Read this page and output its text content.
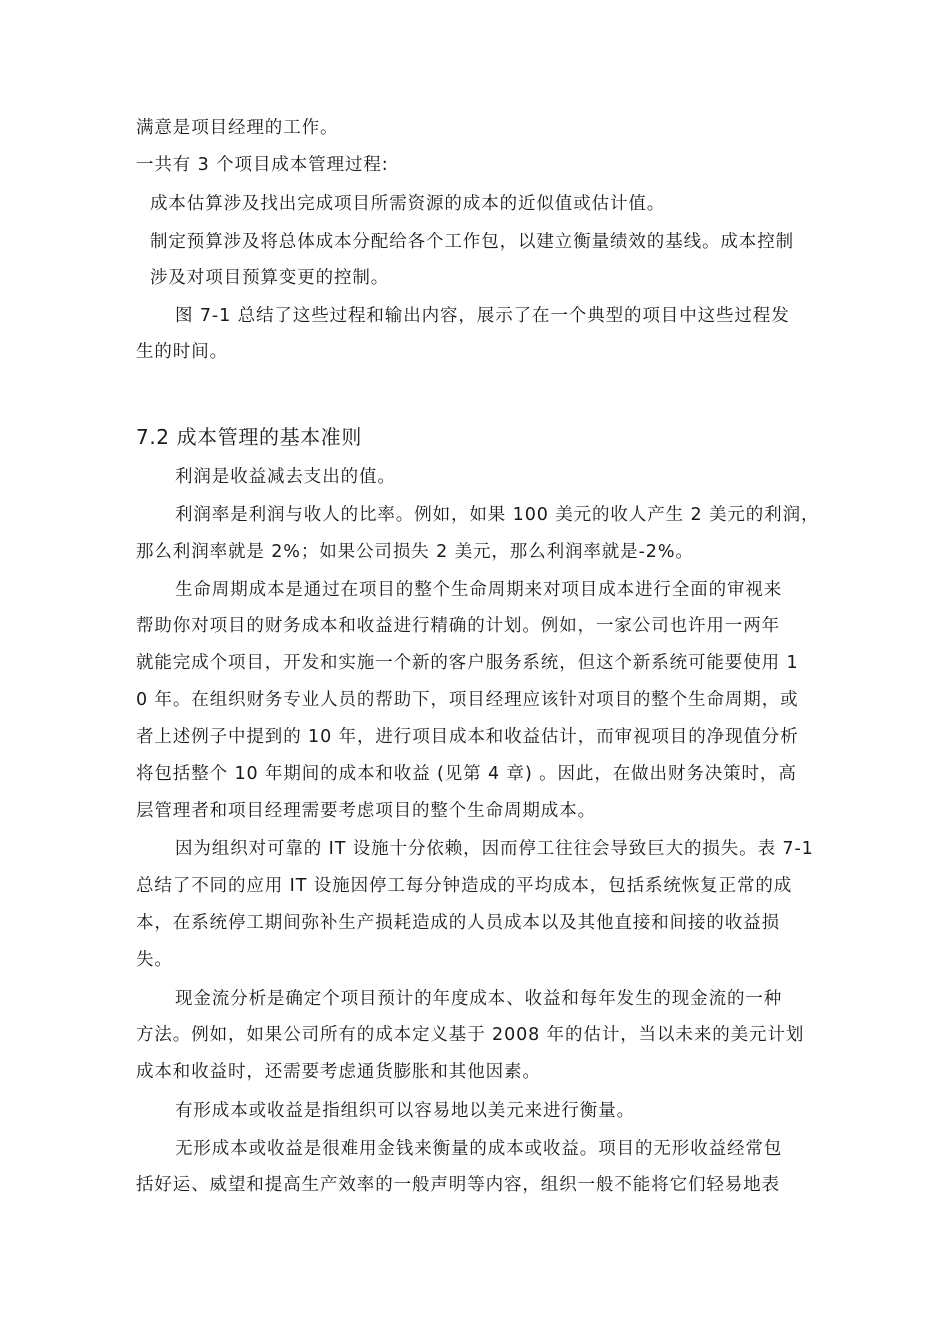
满意是项目经理的工作。
一共有 3 个项目成本管理过程:
成本估算涉及找出完成项目所需资源的成本的近似值或估计值。
制定预算涉及将总体成本分配给各个工作包，以建立衡量绩效的基线。成本控制
涉及对项目预算变更的控制。
图 7-1 总结了这些过程和输出内容，展示了在一个典型的项目中这些过程发
生的时间。
7.2 成本管理的基本准则
利润是收益减去支出的值。
利润率是利润与收人的比率。例如，如果 100 美元的收人产生 2 美元的利润，
那么利润率就是 2%；如果公司损失 2 美元，那么利润率就是-2%。
生命周期成本是通过在项目的整个生命周期来对项目成本进行全面的审视来
帮助你对项目的财务成本和收益进行精确的计划。例如，一家公司也许用一两年
就能完成个项目，开发和实施一个新的客户服务系统，但这个新系统可能要使用 1
0 年。在组织财务专业人员的帮助下，项目经理应该针对项目的整个生命周期，或
者上述例子中提到的 10 年，进行项目成本和收益估计，而审视项目的净现值分析
将包括整个 10 年期间的成本和收益 (见第 4 章) 。因此，在做出财务决策时，高
层管理者和项目经理需要考虑项目的整个生命周期成本。
因为组织对可靠的 IT 设施十分依赖，因而停工往往会导致巨大的损失。表 7-1
总结了不同的应用 IT 设施因停工每分钟造成的平均成本，包括系统恢复正常的成
本，在系统停工期间弥补生产损耗造成的人员成本以及其他直接和间接的收益损
失。
现金流分析是确定个项目预计的年度成本、收益和每年发生的现金流的一种
方法。例如，如果公司所有的成本定义基于 2008 年的估计，当以未来的美元计划
成本和收益时，还需要考虑通货膨胀和其他因素。
有形成本或收益是指组织可以容易地以美元来进行衡量。
无形成本或收益是很难用金钱来衡量的成本或收益。项目的无形收益经常包
括好运、威望和提高生产效率的一般声明等内容，组织一般不能将它们轻易地表
